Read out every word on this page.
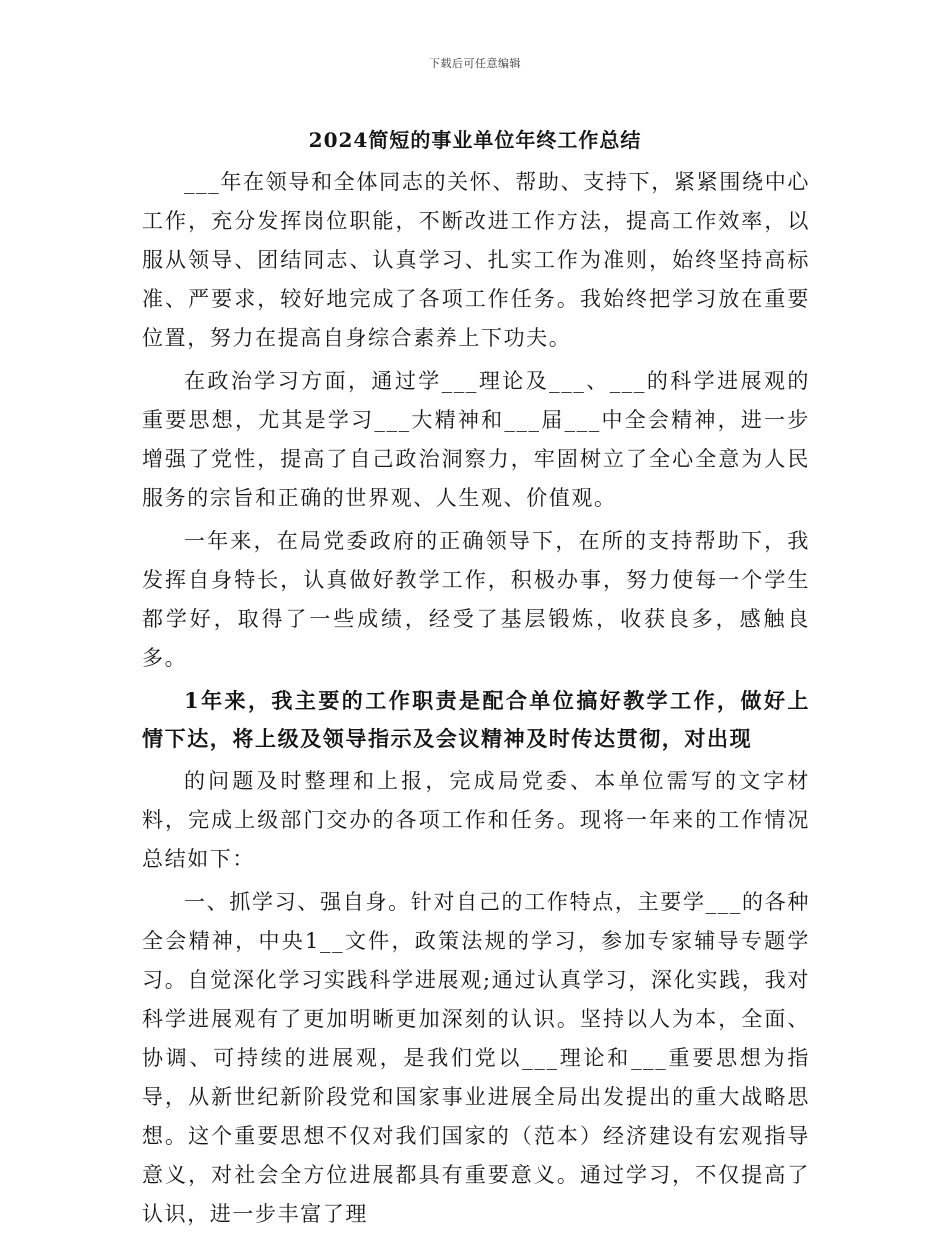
下载后可任意编辑
2024简短的事业单位年终工作总结

___年在领导和全体同志的关怀、帮助、支持下，紧紧围绕中心工作，充分发挥岗位职能，不断改进工作方法，提高工作效率，以服从领导、团结同志、认真学习、扎实工作为准则，始终坚持高标准、严要求，较好地完成了各项工作任务。我始终把学习放在重要位置，努力在提高自身综合素养上下功夫。

在政治学习方面，通过学___理论及___、___的科学进展观的重要思想，尤其是学习___大精神和___届___中全会精神，进一步增强了党性，提高了自己政治洞察力，牢固树立了全心全意为人民服务的宗旨和正确的世界观、人生观、价值观。

一年来，在局党委政府的正确领导下，在所的支持帮助下，我发挥自身特长，认真做好教学工作，积极办事，努力使每一个学生都学好，取得了一些成绩，经受了基层锻炼，收获良多，感触良多。

1年来，我主要的工作职责是配合单位搞好教学工作，做好上情下达，将上级及领导指示及会议精神及时传达贯彻，对出现

的问题及时整理和上报，完成局党委、本单位需写的文字材料，完成上级部门交办的各项工作和任务。现将一年来的工作情况总结如下：

一、抓学习、强自身。针对自己的工作特点，主要学___的各种全会精神，中央1__文件，政策法规的学习，参加专家辅导专题学习。自觉深化学习实践科学进展观;通过认真学习，深化实践，我对科学进展观有了更加明晰更加深刻的认识。坚持以人为本，全面、协调、可持续的进展观，是我们党以___理论和___重要思想为指导，从新世纪新阶段党和国家事业进展全局出发提出的重大战略思想。这个重要思想不仅对我们国家的（范本）经济建设有宏观指导意义，对社会全方位进展都具有重要意义。通过学习，不仅提高了认识，进一步丰富了理
